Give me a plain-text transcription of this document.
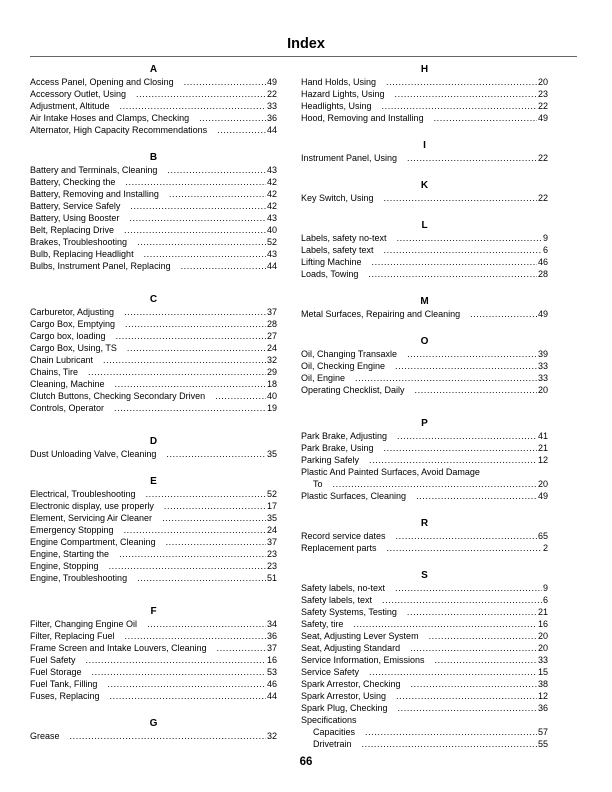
Index
A
Access Panel, Opening and Closing .....	49
Accessory Outlet, Using .....	22
Adjustment, Altitude .....	33
Air Intake Hoses and Clamps, Checking .....	36
Alternator, High Capacity Recommendations .....	44
B
Battery and Terminals, Cleaning .....	43
Battery, Checking the .....	42
Battery, Removing and Installing .....	42
Battery, Service Safely .....	42
Battery, Using Booster .....	43
Belt, Replacing Drive .....	40
Brakes, Troubleshooting .....	52
Bulb, Replacing Headlight .....	43
Bulbs, Instrument Panel, Replacing .....	44
C
Carburetor, Adjusting .....	37
Cargo Box, Emptying .....	28
Cargo box, loading .....	27
Cargo Box, Using, TS .....	24
Chain Lubricant .....	32
Chains, Tire .....	29
Cleaning, Machine .....	18
Clutch Buttons, Checking Secondary Driven .....	40
Controls, Operator .....	19
D
Dust Unloading Valve, Cleaning .....	35
E
Electrical, Troubleshooting .....	52
Electronic display, use properly .....	17
Element, Servicing Air Cleaner .....	35
Emergency Stopping .....	24
Engine Compartment, Cleaning .....	37
Engine, Starting the .....	23
Engine, Stopping .....	23
Engine, Troubleshooting .....	51
F
Filter, Changing Engine Oil .....	34
Filter, Replacing Fuel .....	36
Frame Screen and Intake Louvers, Cleaning .....	37
Fuel Safety .....	16
Fuel Storage .....	53
Fuel Tank, Filling .....	46
Fuses, Replacing .....	44
G
Grease .....	32
H
Hand Holds, Using .....	20
Hazard Lights, Using .....	23
Headlights, Using .....	22
Hood, Removing and Installing .....	49
I
Instrument Panel, Using .....	22
K
Key Switch, Using .....	22
L
Labels, safety no-text .....	9
Labels, safety text .....	6
Lifting Machine .....	46
Loads, Towing .....	28
M
Metal Surfaces, Repairing and Cleaning .....	49
O
Oil, Changing Transaxle .....	39
Oil, Checking Engine .....	33
Oil, Engine .....	33
Operating Checklist, Daily .....	20
P
Park Brake, Adjusting .....	41
Park Brake, Using .....	21
Parking Safely .....	12
Plastic And Painted Surfaces, Avoid Damage
To .....	20
Plastic Surfaces, Cleaning .....	49
R
Record service dates .....	65
Replacement parts .....	2
S
Safety labels, no-text .....	9
Safety labels, text .....	6
Safety Systems, Testing .....	21
Safety, tire .....	16
Seat, Adjusting Lever System .....	20
Seat, Adjusting Standard .....	20
Service Information, Emissions .....	33
Service Safety .....	15
Spark Arrestor, Checking .....	38
Spark Arrestor, Using .....	12
Spark Plug, Checking .....	36
Specifications
Capacities .....	57
Drivetrain .....	55
66
